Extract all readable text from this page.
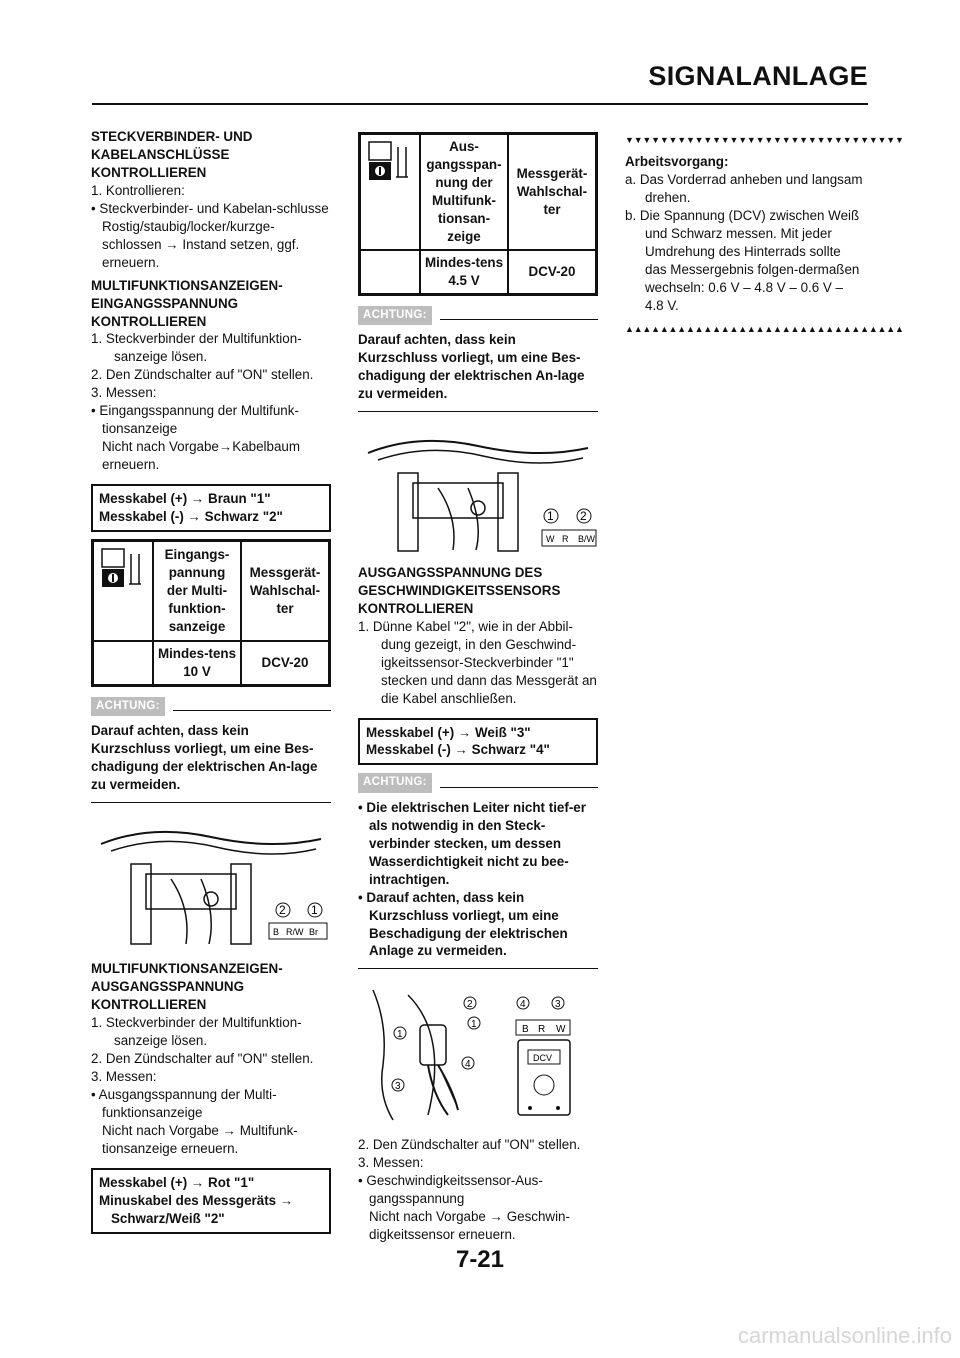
SIGNALANLAGE
STECKVERBINDER- UND KABELANSCHLÜSSE KONTROLLIEREN
1. Kontrollieren:
• Steckverbinder- und Kabelan-schlusse
Rostig/staubig/locker/kurzge-schlossen → Instand setzen, ggf. erneuern.
MULTIFUNKTIONSANZEIGEN-EINGANGSSPANNUNG KONTROLLIEREN
1. Steckverbinder der Multifunktion-sanzeige lösen.
2. Den Zündschalter auf "ON" stellen.
3. Messen:
• Eingangsspannung der Multifunk-tionsanzeige
Nicht nach Vorgabe→Kabelbaum erneuern.
Messkabel (+) → Braun "1"
Messkabel (-) → Schwarz "2"
Eingangs-pannung der Multi-funktion-sanzeige
Messgerät-Wahlschal-ter
Mindes-tens 10 V
DCV-20
ACHTUNG:
Darauf achten, dass kein Kurzschluss vorliegt, um eine Bes-chadigung der elektrischen An-lage zu vermeiden.
2 1
B R/W Br
MULTIFUNKTIONSANZEIGEN-AUSGANGSSPANNUNG KONTROLLIEREN
1. Steckverbinder der Multifunktion-sanzeige lösen.
2. Den Zündschalter auf "ON" stellen.
3. Messen:
• Ausgangsspannung der Multi-funktionsanzeige
Nicht nach Vorgabe → Multifunk-tionsanzeige erneuern.
Messkabel (+) → Rot "1"
Minuskabel des Messgeräts →
Schwarz/Weiß "2"
Aus-gangsspan-nung der Multifunk-tionsan-zeige
Messgerät-Wahlschal-ter
Mindes-tens 4.5 V
DCV-20
ACHTUNG:
Darauf achten, dass kein Kurzschluss vorliegt, um eine Bes-chadigung der elektrischen An-lage zu vermeiden.
1 2
W R B/W
AUSGANGSSPANNUNG DES GESCHWINDIGKEITSSENSORS KONTROLLIEREN
1. Dünne Kabel "2", wie in der Abbil-dung gezeigt, in den Geschwind-igkeitssensor-Steckverbinder "1" stecken und dann das Messgerät an die Kabel anschließen.
Messkabel (+) → Weiß "3"
Messkabel (-) → Schwarz "4"
ACHTUNG:
• Die elektrischen Leiter nicht tief-er als notwendig in den Steck-verbinder stecken, um dessen Wasserdichtigkeit nicht zu bee-intrachtigen.
• Darauf achten, dass kein Kurzschluss vorliegt, um eine Beschadigung der elektrischen Anlage zu vermeiden.
2
1
1
4
3
4	3
B R W
DCV
2. Den Zündschalter auf "ON" stellen.
3. Messen:
• Geschwindigkeitssensor-Aus-gangsspannung
Nicht nach Vorgabe → Geschwin-digkeitssensor erneuern.
▼▼▼▼▼▼▼▼▼▼▼▼▼▼▼▼▼▼▼▼▼▼▼▼▼▼▼▼▼▼▼▼
Arbeitsvorgang:
a. Das Vorderrad anheben und langsam drehen.
b. Die Spannung (DCV) zwischen Weiß und Schwarz messen. Mit jeder Umdrehung des Hinterrads sollte das Messergebnis folgen-dermaßen wechseln: 0.6 V – 4.8 V – 0.6 V – 4.8 V.
▲▲▲▲▲▲▲▲▲▲▲▲▲▲▲▲▲▲▲▲▲▲▲▲▲▲▲▲▲▲▲▲
7-21
carmanualsonline.info
